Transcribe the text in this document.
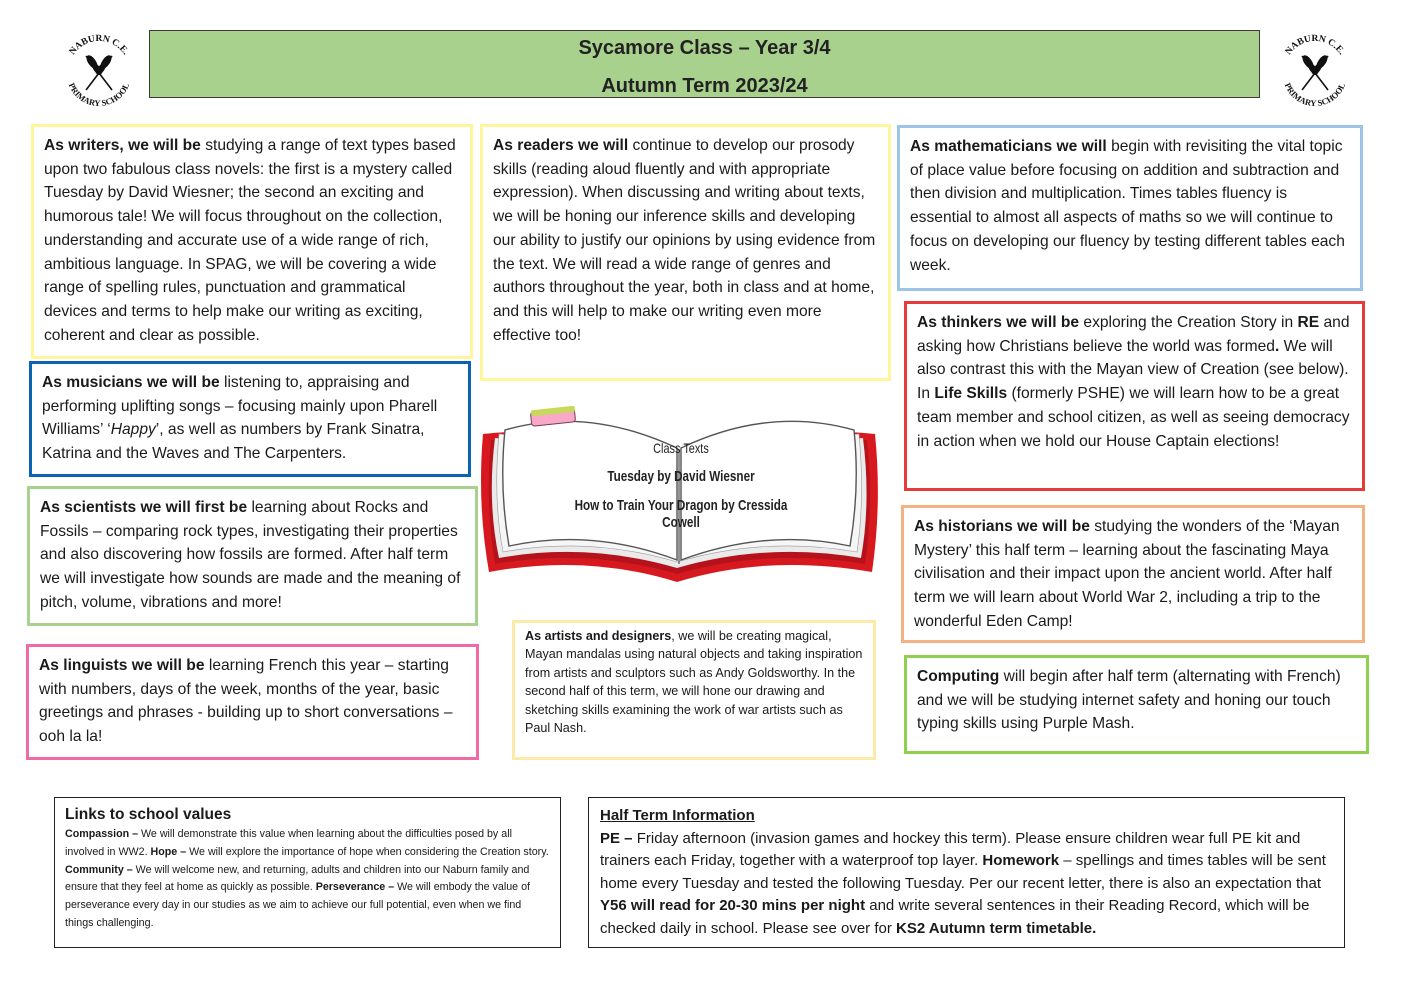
NABURN C.E.
PRIMARY SCHOOL
NABURN C.E.
PRIMARY SCHOOL
Sycamore Class – Year 3/4
Autumn Term 2023/24
As writers, we will be studying a range of text types based upon two fabulous class novels: the first is a mystery called Tuesday by David Wiesner; the second an exciting and humorous tale! We will focus throughout on the collection, understanding and accurate use of a wide range of rich, ambitious language. In SPAG, we will be covering a wide range of spelling rules, punctuation and grammatical devices and terms to help make our writing as exciting, coherent and clear as possible.
As readers we will continue to develop our prosody skills (reading aloud fluently and with appropriate expression). When discussing and writing about texts, we will be honing our inference skills and developing our ability to justify our opinions by using evidence from the text. We will read a wide range of genres and authors throughout the year, both in class and at home, and this will help to make our writing even more effective too!
As mathematicians we will begin with revisiting the vital topic of place value before focusing on addition and subtraction and then division and multiplication. Times tables fluency is essential to almost all aspects of maths so we will continue to focus on developing our fluency by testing different tables each week.
As thinkers we will be exploring the Creation Story in RE and asking how Christians believe the world was formed. We will also contrast this with the Mayan view of Creation (see below). In Life Skills (formerly PSHE) we will learn how to be a great team member and school citizen, as well as seeing democracy in action when we hold our House Captain elections!
As musicians we will be listening to, appraising and performing uplifting songs – focusing mainly upon Pharell Williams’ ‘Happy’, as well as numbers by Frank Sinatra, Katrina and the Waves and The Carpenters.	Class Texts
Tuesday by David Wiesner
How to Train Your Dragon by Cressida Cowell
As scientists we will first be learning about Rocks and Fossils – comparing rock types, investigating their properties and also discovering how fossils are formed. After half term we will investigate how sounds are made and the meaning of pitch, volume, vibrations and more!
As historians we will be studying the wonders of the ‘Mayan Mystery’ this half term – learning about the fascinating Maya civilisation and their impact upon the ancient world. After half term we will learn about World War 2, including a trip to the wonderful Eden Camp!
As artists and designers, we will be creating magical, Mayan mandalas using natural objects and taking inspiration from artists and sculptors such as Andy Goldsworthy. In the second half of this term, we will hone our drawing and sketching skills examining the work of war artists such as Paul Nash.
Computing will begin after half term (alternating with French) and we will be studying internet safety and honing our touch typing skills using Purple Mash.
As linguists we will be learning French this year – starting with numbers, days of the week, months of the year, basic greetings and phrases - building up to short conversations – ooh la la!
Links to school values
Compassion – We will demonstrate this value when learning about the difficulties posed by all involved in WW2. Hope – We will explore the importance of hope when considering the Creation story. Community – We will welcome new, and returning, adults and children into our Naburn family and ensure that they feel at home as quickly as possible. Perseverance – We will embody the value of perseverance every day in our studies as we aim to achieve our full potential, even when we find things challenging.
Half Term Information
PE – Friday afternoon (invasion games and hockey this term). Please ensure children wear full PE kit and trainers each Friday, together with a waterproof top layer. Homework – spellings and times tables will be sent home every Tuesday and tested the following Tuesday. Per our recent letter, there is also an expectation that Y56 will read for 20-30 mins per night and write several sentences in their Reading Record, which will be checked daily in school. Please see over for KS2 Autumn term timetable.
